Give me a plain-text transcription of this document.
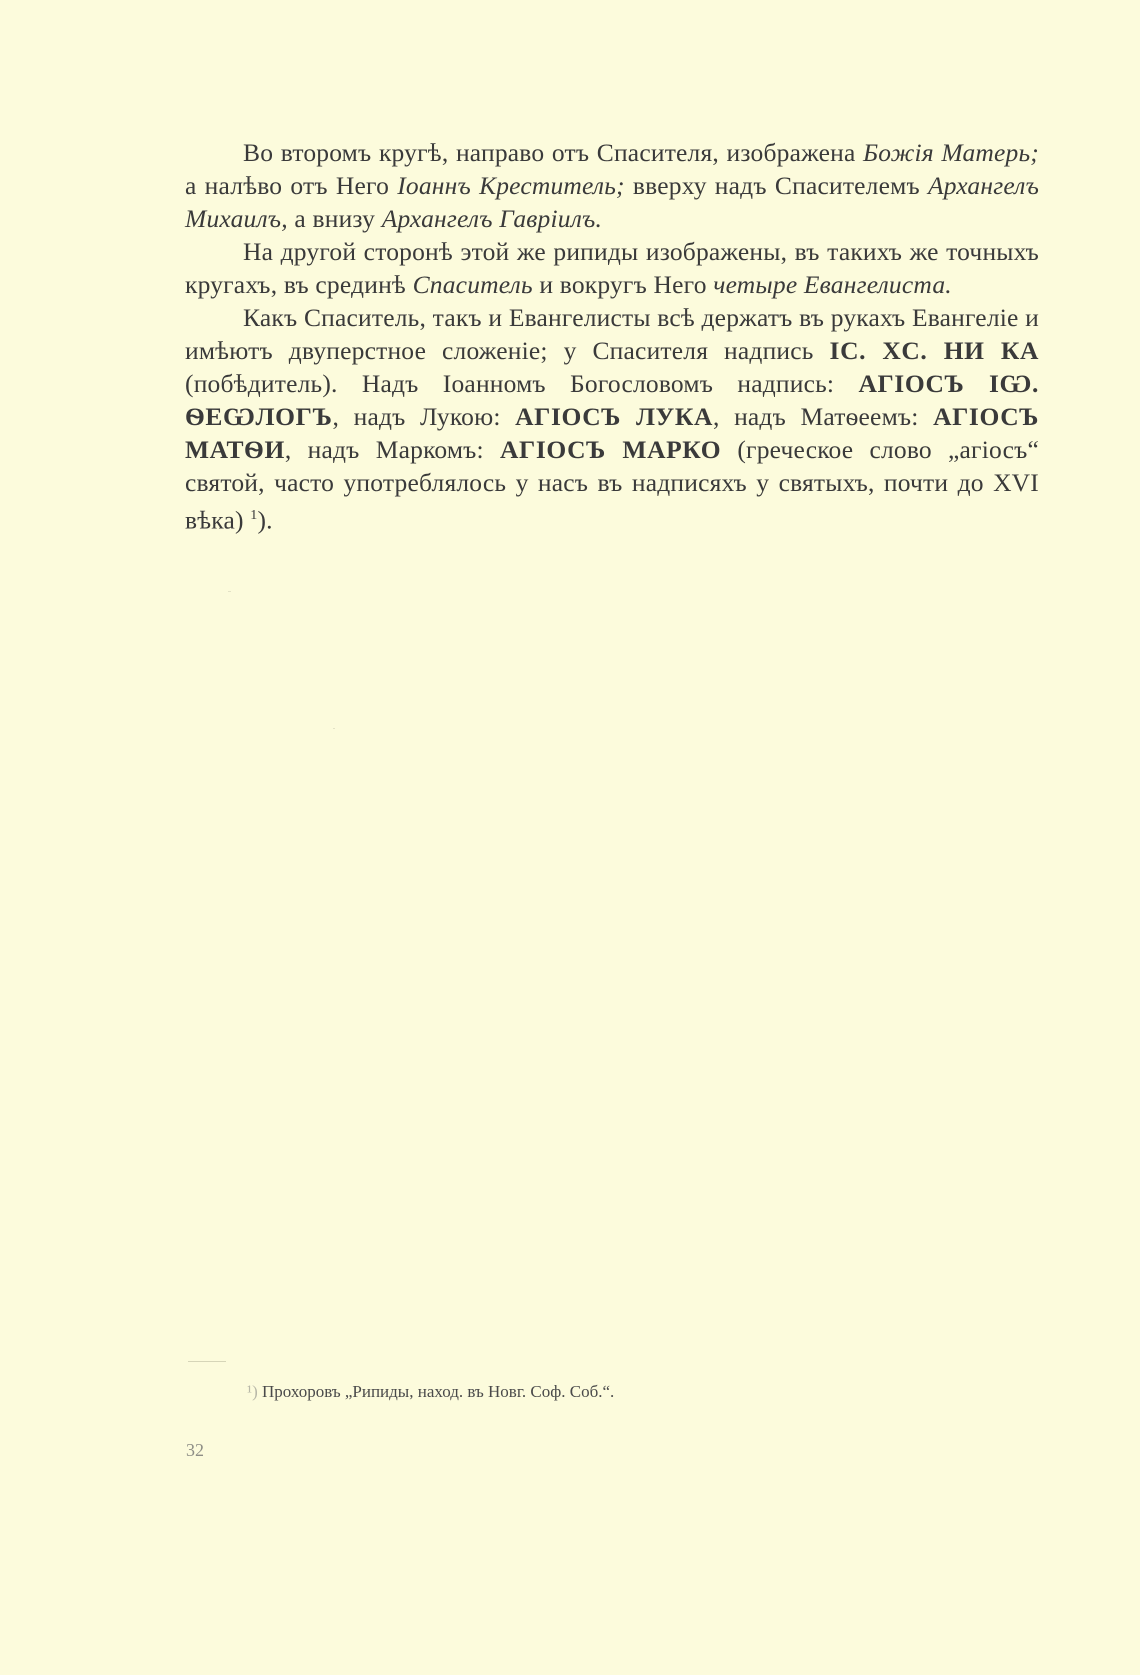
Во второмъ кругѣ, направо отъ Спасителя, изображена Божія Матерь; а налѣво отъ Него Іоаннъ Креститель; вверху надъ Спасителемъ Архангелъ Михаилъ, а внизу Архангелъ Гавріилъ.

На другой сторонѣ этой же рипиды изображены, въ такихъ же точныхъ кругахъ, въ срединѣ Спаситель и вокругъ Него четыре Евангелиста.

Какъ Спаситель, такъ и Евангелисты всѣ держатъ въ рукахъ Евангеліе и имѣютъ двуперстное сложеніе; у Спасителя надпись IC. XC. НИ КА (побѣдитель). Надъ Іоанномъ Богословомъ надпись: АГІОСЪ IѠ. ѲЕѠЛОГЪ, надъ Лукою: АГІОСЪ ЛУКА, надъ Матѳеемъ: АГІОСЪ МАТѲИ, надъ Маркомъ: АГІОСЪ МАРКО (греческое слово „агіосъ“ святой, часто употреблялось у насъ въ надписяхъ у святыхъ, почти до XVI вѣка) $^1$).

¹) Прохоровъ „Рипиды, наход. въ Новг. Соф. Соб.“.
32
